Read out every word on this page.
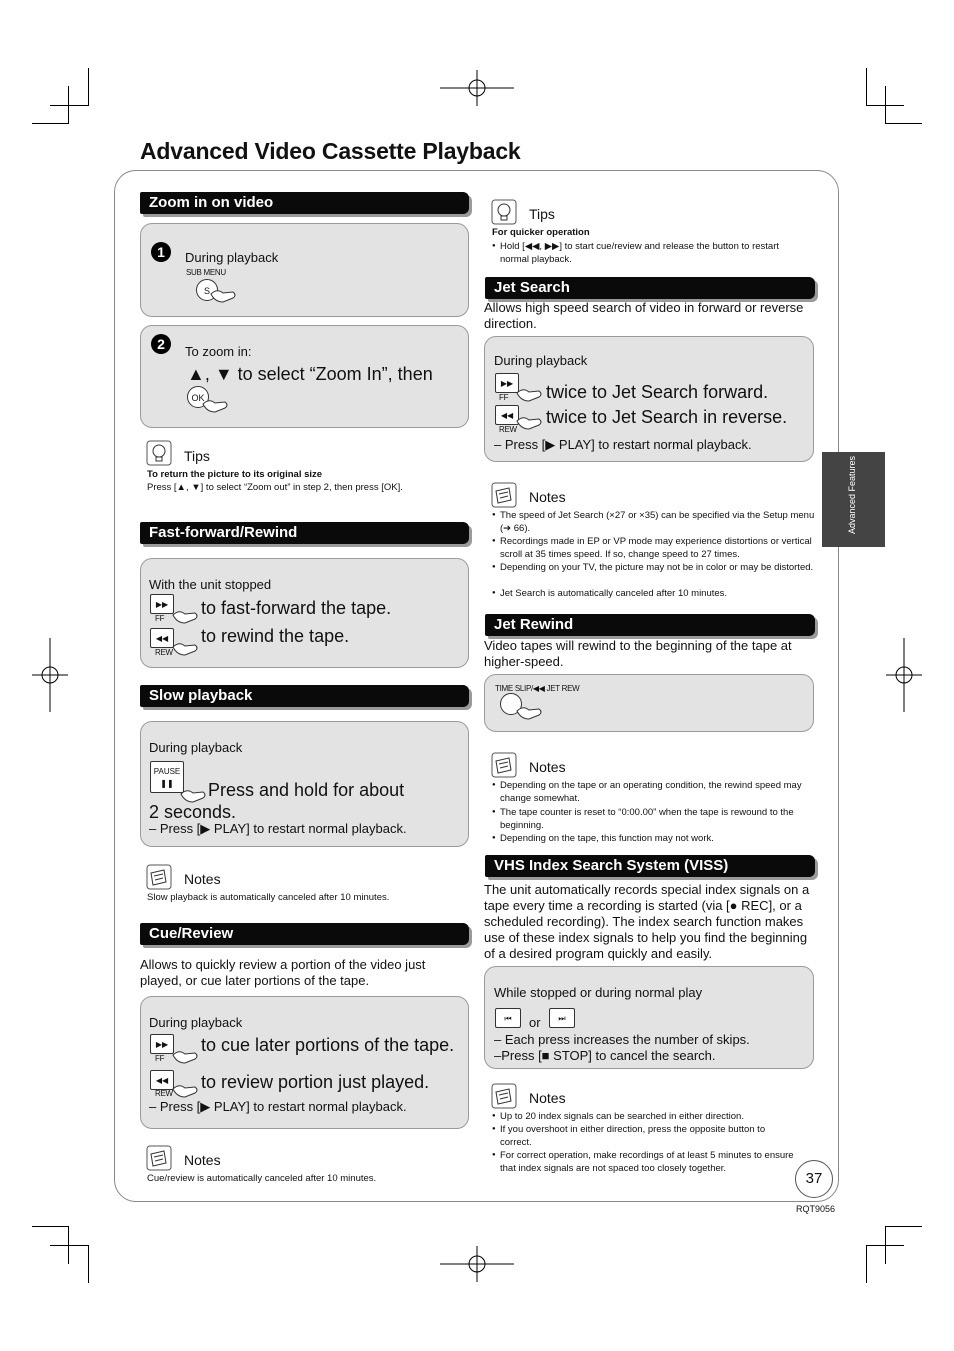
Advanced Video Cassette Playback
Advanced Features
Zoom in on video
1	During playback
SUB MENU
S
2	To zoom in:
▲, ▼ to select “Zoom In”, then
OK
Tips
To return the picture to its original size
Press [▲, ▼] to select “Zoom out” in step 2, then press [OK].
Fast-forward/Rewind
With the unit stopped
▶▶
FF
to fast-forward the tape.
◀◀
REW
to rewind the tape.
Slow playback
During playback
PAUSE
❚❚	Press and hold for about
2 seconds.
– Press [▶ PLAY] to restart normal playback.
Notes
Slow playback is automatically canceled after 10 minutes.
Cue/Review
Allows to quickly review a portion of the video just played, or cue later portions of the tape.
During playback
▶▶
FF
to cue later portions of the tape.
◀◀
REW
to review portion just played.
– Press [▶ PLAY] to restart normal playback.
Notes
Cue/review is automatically canceled after 10 minutes.
Tips
For quicker operation
● Hold [◀◀, ▶▶] to start cue/review and release the button to restart normal playback.
Jet Search
Allows high speed search of video in forward or reverse direction.
During playback
▶▶
FF twice to Jet Search forward.
◀◀
REW
twice to Jet Search in reverse.
– Press [▶ PLAY] to restart normal playback.
Notes
● The speed of Jet Search (×27 or ×35) can be specified via the Setup menu (➔ 66).
● Recordings made in EP or VP mode may experience distortions or vertical scroll at 35 times speed. If so, change speed to 27 times.
● Depending on your TV, the picture may not be in color or may be distorted.
● Jet Search is automatically canceled after 10 minutes.
Jet Rewind
Video tapes will rewind to the beginning of the tape at higher-speed.
TIME SLIP/◀◀ JET REW
Notes
● Depending on the tape or an operating condition, the rewind speed may change somewhat.
● The tape counter is reset to “0:00.00” when the tape is rewound to the beginning.
● Depending on the tape, this function may not work.
VHS Index Search System (VISS)
The unit automatically records special index signals on a tape every time a recording is started (via [● REC], or a scheduled recording). The index search function makes use of these index signals to help you find the beginning of a desired program quickly and easily.
While stopped or during normal play
⏮	or	⏭
– Each press increases the number of skips.
–Press [■ STOP] to cancel the search.
Notes
● Up to 20 index signals can be searched in either direction.
● If you overshoot in either direction, press the opposite button to correct.
● For correct operation, make recordings of at least 5 minutes to ensure that index signals are not spaced too closely together.
37
RQT9056
